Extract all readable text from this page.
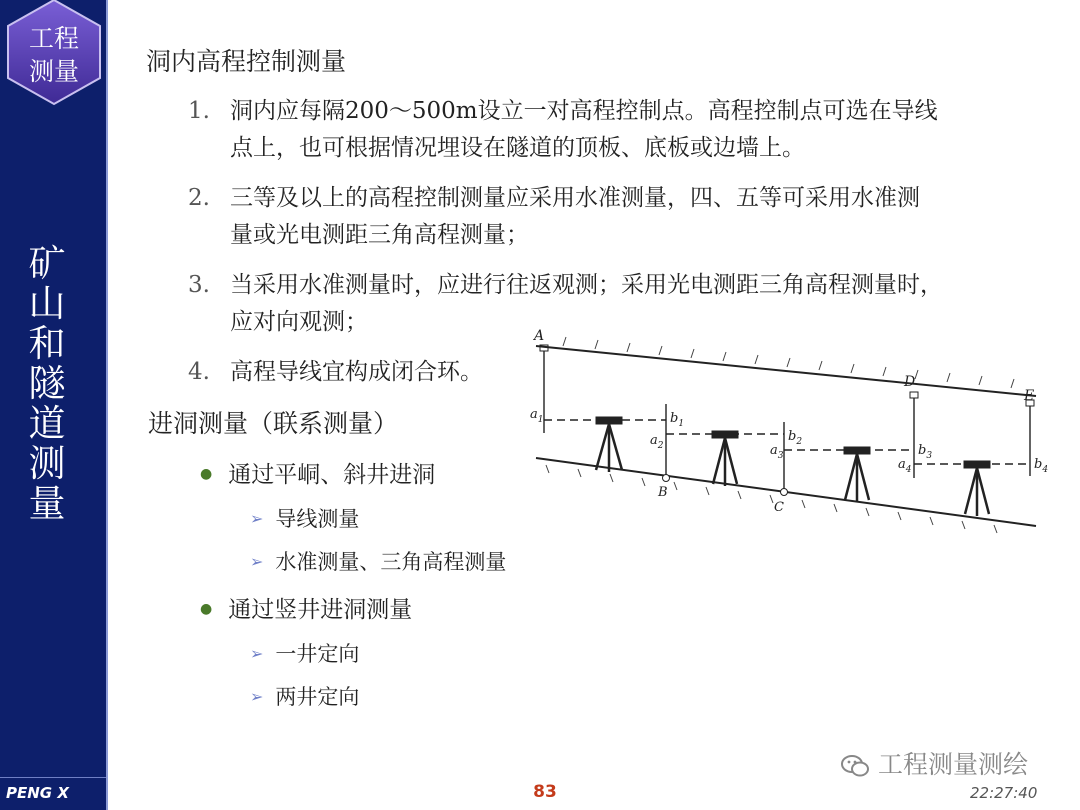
工程
测量
矿
山
和
隧
道
测
量
PENG X
洞内高程控制测量
1. 洞内应每隔200～500m设立一对高程控制点。高程控制点可选在导线
点上，也可根据情况埋设在隧道的顶板、底板或边墙上。
2. 三等及以上的高程控制测量应采用水准测量，四、五等可采用水准测
量或光电测距三角高程测量；
3. 当采用水准测量时，应进行往返观测；采用光电测距三角高程测量时，
应对向观测；
4. 高程导线宜构成闭合环。
进洞测量（联系测量）
● 通过平峒、斜井进洞
➢ 导线测量
➢ 水准测量、三角高程测量
● 通过竖井进洞测量
➢ 一井定向
➢ 两井定向
A
$a_1$
D
E
B
$b_1$
$a_2$
C
$b_2$
$a_3$	$b_3$
$a_4$	$b_4$
工程测量测绘
83	22:27:40
